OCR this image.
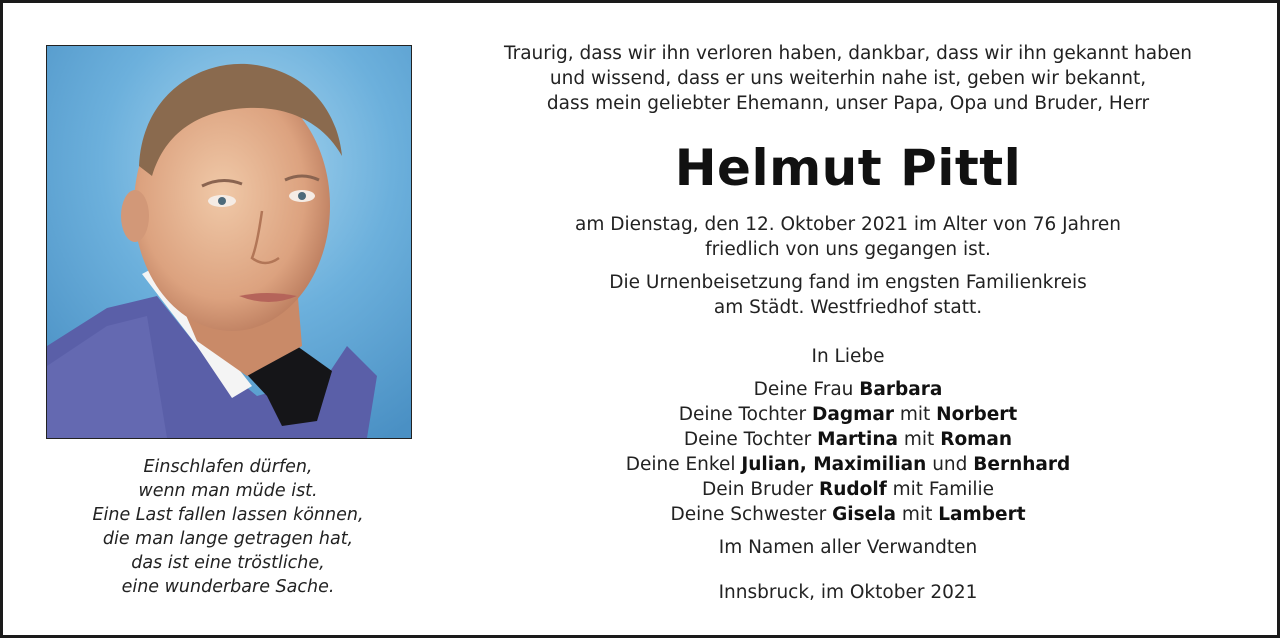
Einschlafen dürfen,
wenn man müde ist.
Eine Last fallen lassen können,
die man lange getragen hat,
das ist eine tröstliche,
eine wunderbare Sache.
Traurig, dass wir ihn verloren haben, dankbar, dass wir ihn gekannt haben
und wissend, dass er uns weiterhin nahe ist, geben wir bekannt,
dass mein geliebter Ehemann, unser Papa, Opa und Bruder, Herr
Helmut Pittl
am Dienstag, den 12. Oktober 2021 im Alter von 76 Jahren
friedlich von uns gegangen ist.
Die Urnenbeisetzung fand im engsten Familienkreis
am Städt. Westfriedhof statt.
In Liebe
Deine Frau Barbara
Deine Tochter Dagmar mit Norbert
Deine Tochter Martina mit Roman
Deine Enkel Julian, Maximilian und Bernhard
Dein Bruder Rudolf mit Familie
Deine Schwester Gisela mit Lambert
Im Namen aller Verwandten
Innsbruck, im Oktober 2021
